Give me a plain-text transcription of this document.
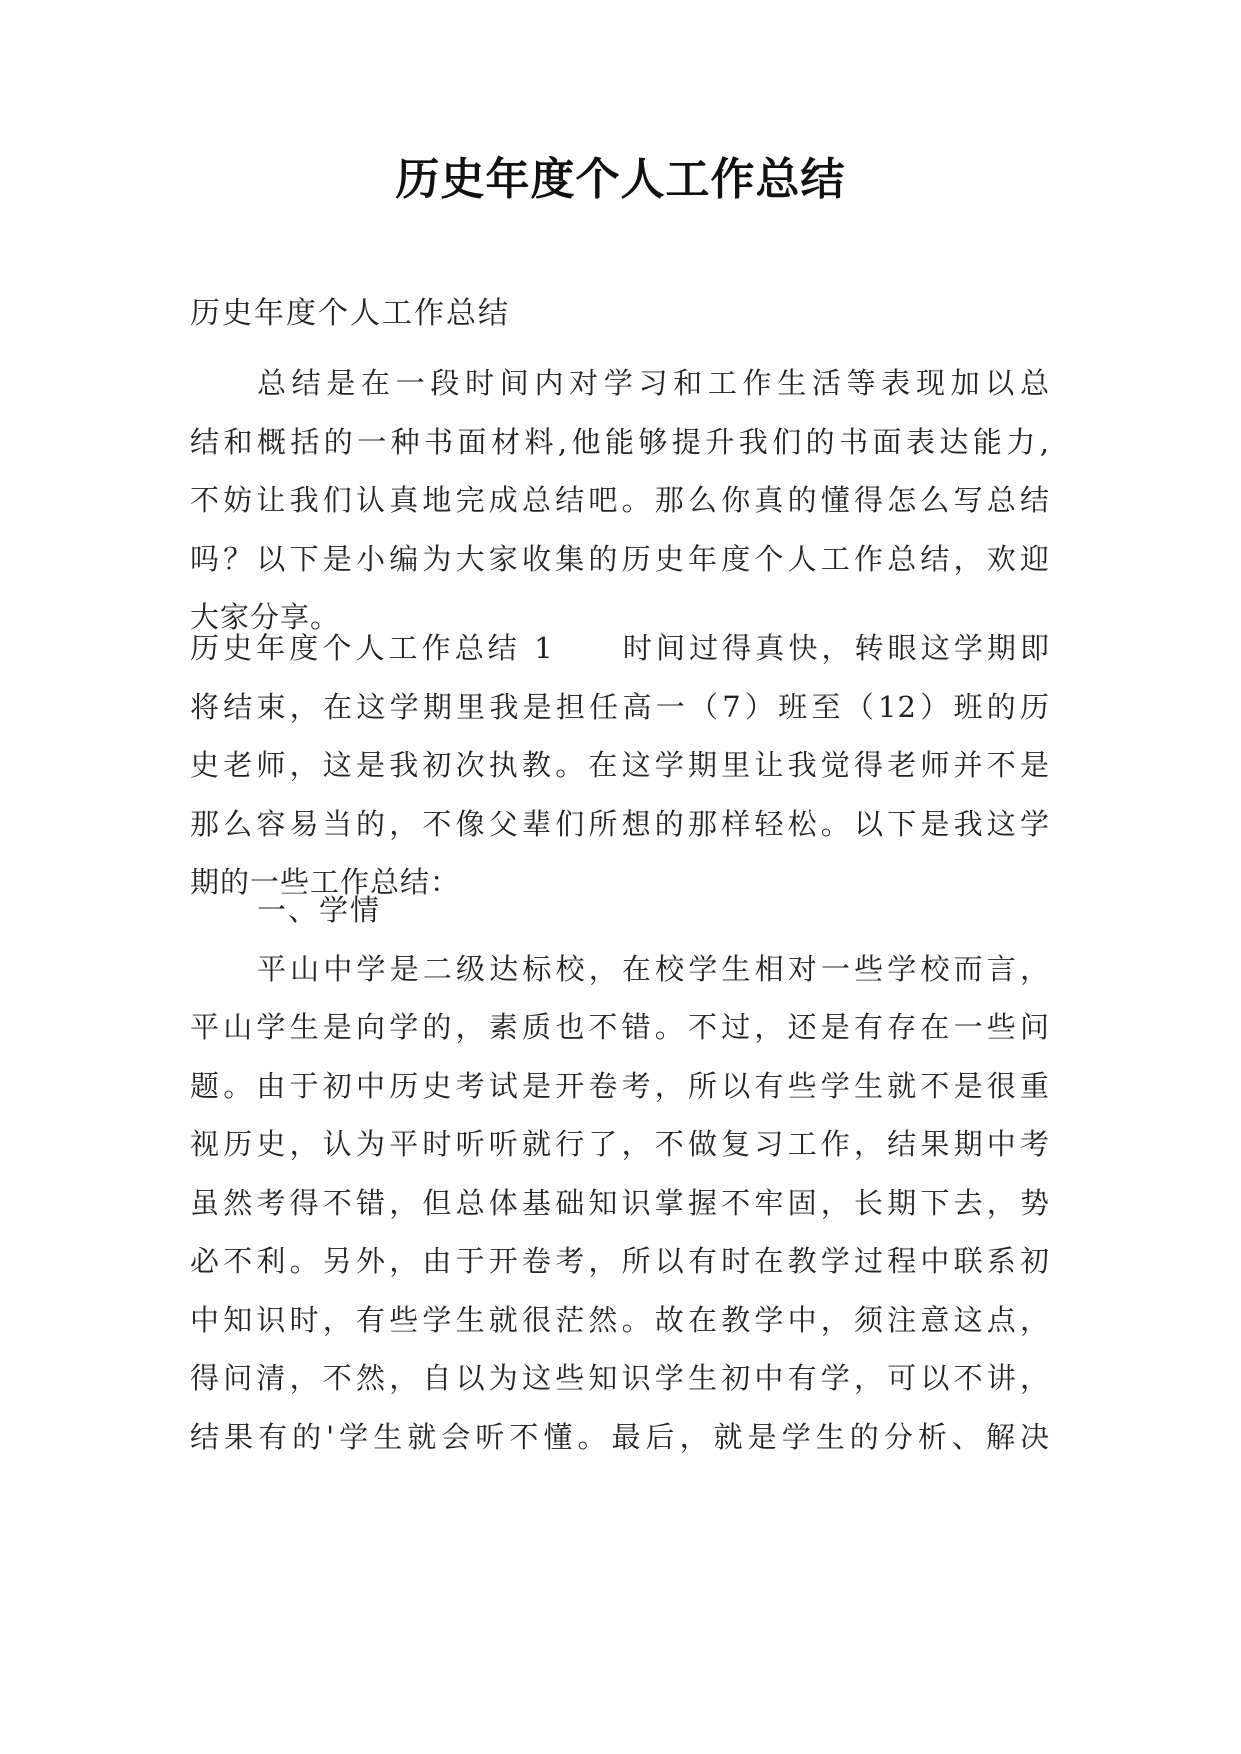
历史年度个人工作总结
历史年度个人工作总结
总结是在一段时间内对学习和工作生活等表现加以总
结和概括的一种书面材料,他能够提升我们的书面表达能力,
不妨让我们认真地完成总结吧。那么你真的懂得怎么写总结
吗？以下是小编为大家收集的历史年度个人工作总结，欢迎
大家分享。
历史年度个人工作总结 1　　时间过得真快，转眼这学期即
将结束，在这学期里我是担任高一（7）班至（12）班的历
史老师，这是我初次执教。在这学期里让我觉得老师并不是
那么容易当的，不像父辈们所想的那样轻松。以下是我这学
期的一些工作总结：
一、学情
平山中学是二级达标校，在校学生相对一些学校而言，
平山学生是向学的，素质也不错。不过，还是有存在一些问
题。由于初中历史考试是开卷考，所以有些学生就不是很重
视历史，认为平时听听就行了，不做复习工作，结果期中考
虽然考得不错，但总体基础知识掌握不牢固，长期下去，势
必不利。另外，由于开卷考，所以有时在教学过程中联系初
中知识时，有些学生就很茫然。故在教学中，须注意这点，
得问清，不然，自以为这些知识学生初中有学，可以不讲，
结果有的'学生就会听不懂。最后，就是学生的分析、解决
